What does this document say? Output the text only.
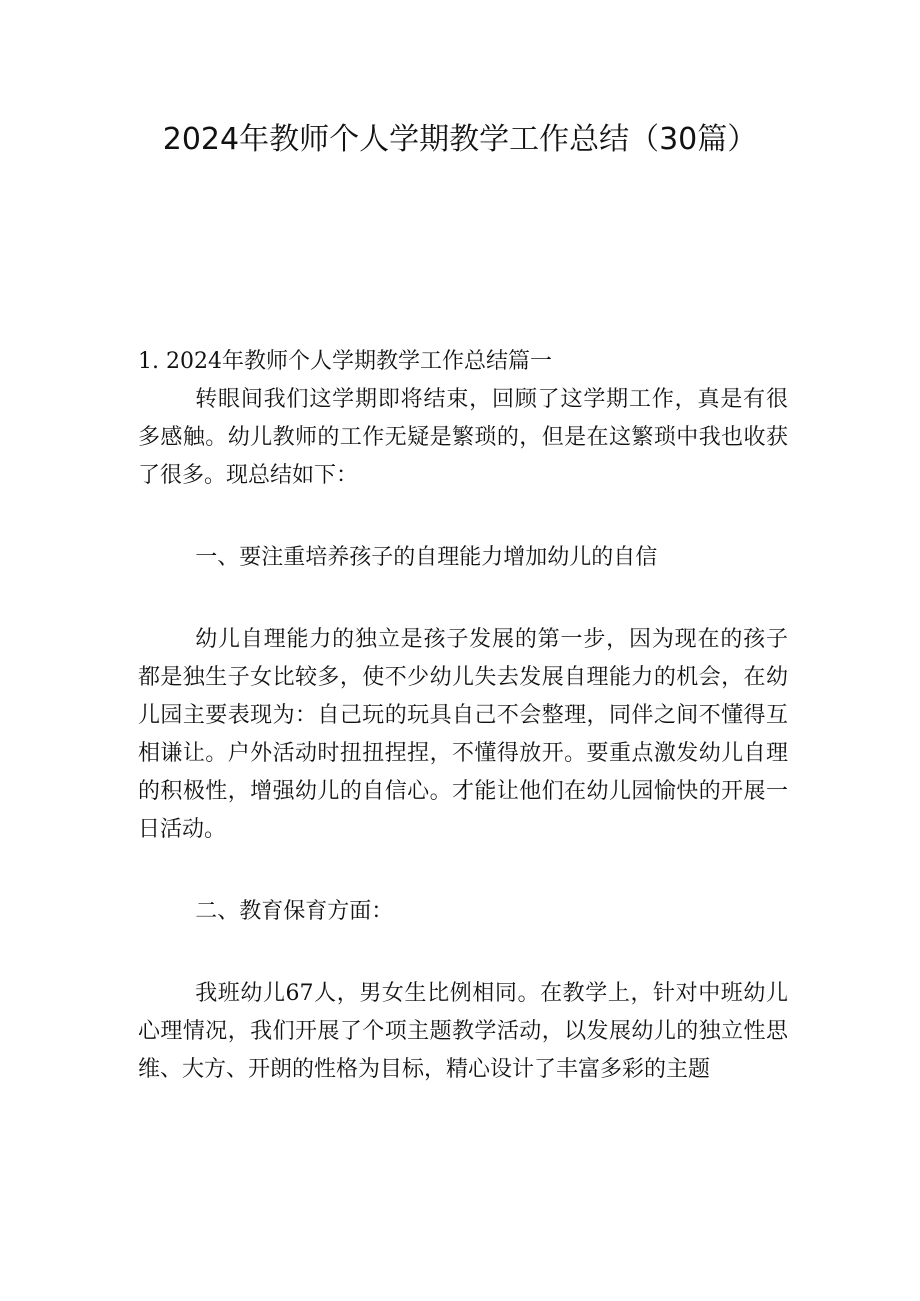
2024年教师个人学期教学工作总结（30篇）

1. 2024年教师个人学期教学工作总结篇一

转眼间我们这学期即将结束，回顾了这学期工作，真是有很多感触。幼儿教师的工作无疑是繁琐的，但是在这繁琐中我也收获了很多。现总结如下：

一、要注重培养孩子的自理能力增加幼儿的自信

幼儿自理能力的独立是孩子发展的第一步，因为现在的孩子都是独生子女比较多，使不少幼儿失去发展自理能力的机会，在幼儿园主要表现为：自己玩的玩具自己不会整理，同伴之间不懂得互相谦让。户外活动时扭扭捏捏，不懂得放开。要重点激发幼儿自理的积极性，增强幼儿的自信心。才能让他们在幼儿园愉快的开展一日活动。

二、教育保育方面：

我班幼儿67人，男女生比例相同。在教学上，针对中班幼儿心理情况，我们开展了个项主题教学活动，以发展幼儿的独立性思维、大方、开朗的性格为目标，精心设计了丰富多彩的主题
